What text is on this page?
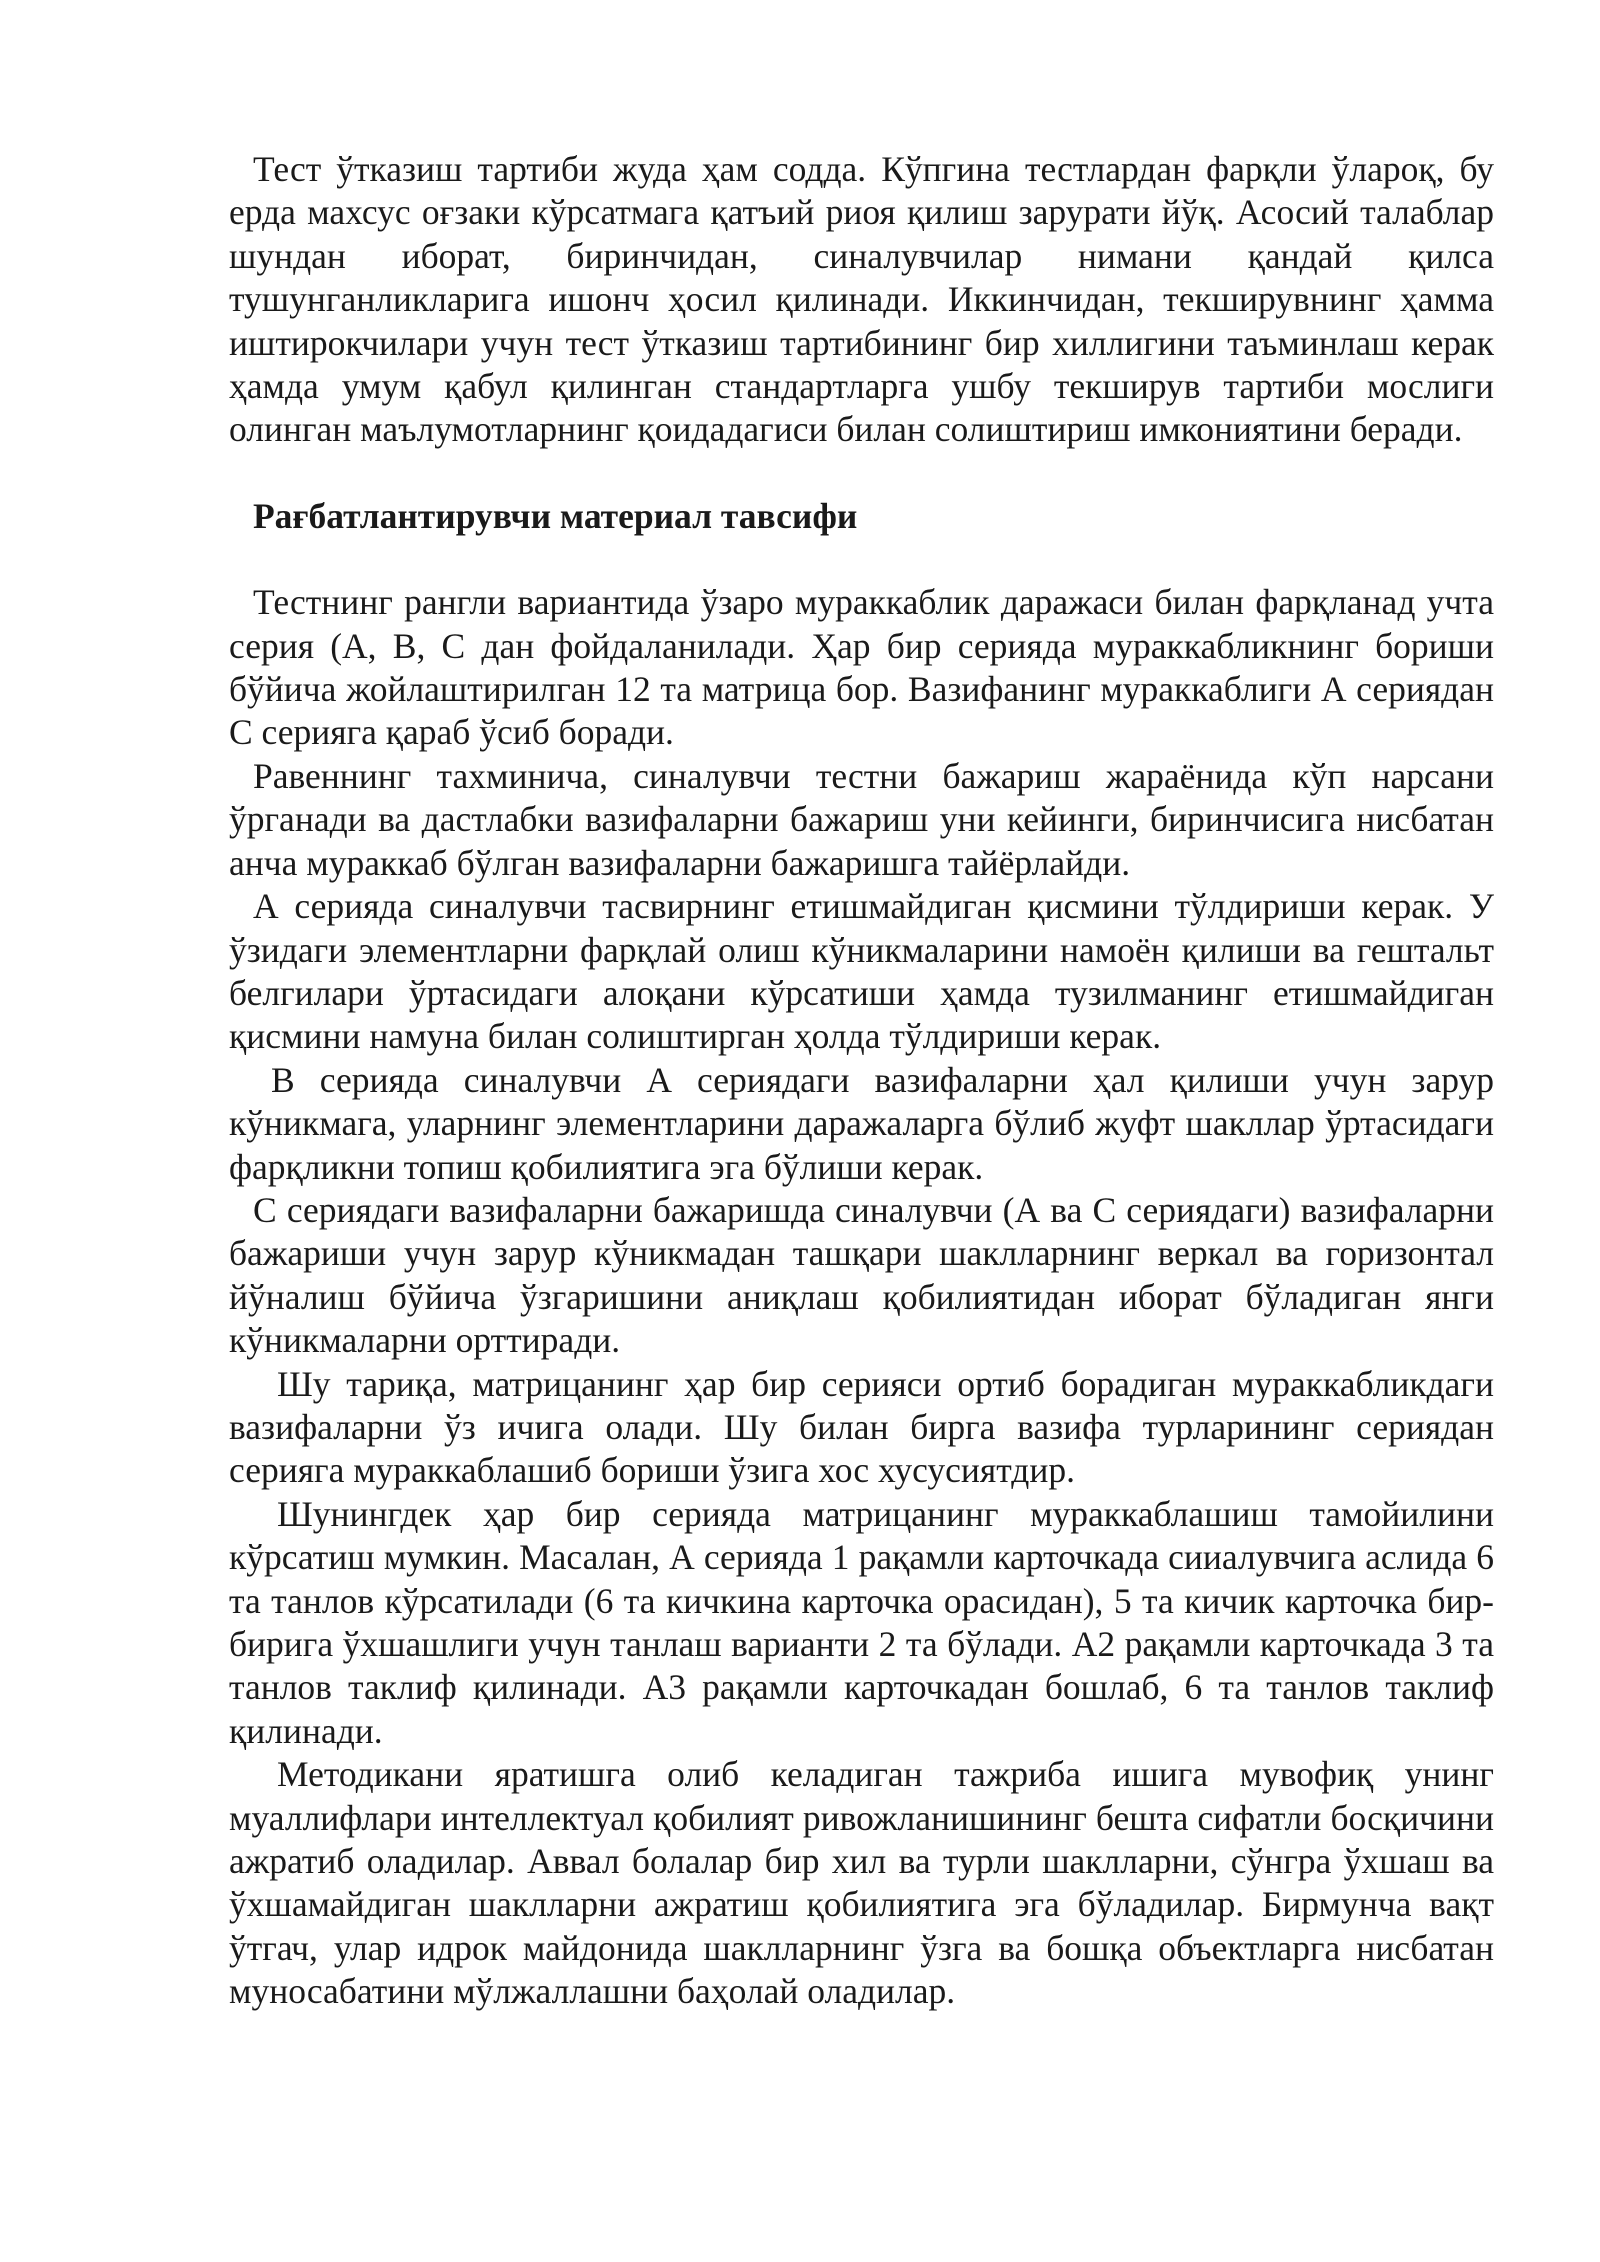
Тест ўтказиш тартиби жуда ҳам содда. Кўпгина тестлардан фарқли ўлароқ, бу ерда махсус оғзаки кўрсатмага қатъий риоя қилиш зарурати йўқ. Асосий талаблар шундан иборат, биринчидан, синалувчилар нимани қандай қилса тушунганликларига ишонч ҳосил қилинади. Иккинчидан, текширувнинг ҳамма иштирокчилари учун тест ўтказиш тартибининг бир хиллигини таъминлаш керак ҳамда умум қабул қилинган стандартларга ушбу текширув тартиби мослиги олинган маълумотларнинг қоидадагиси билан солиштириш имкониятини беради.

Рағбатлантирувчи материал тавсифи

Тестнинг рангли вариантида ўзаро мураккаблик даражаси билан фарқланад учта серия (А, В, С дан фойдаланилади. Ҳар бир серияда мураккабликнинг бориши бўйича жойлаштирилган 12 та матрица бор. Вазифанинг мураккаблиги А сериядан С серияга қараб ўсиб боради.

Равеннинг тахминича, синалувчи тестни бажариш жараёнида кўп нарсани ўрганади ва дастлабки вазифаларни бажариш уни кейинги, биринчисига нисбатан анча мураккаб бўлган вазифаларни бажаришга тайёрлайди.

А серияда синалувчи тасвирнинг етишмайдиган қисмини тўлдириши керак. У ўзидаги элементларни фарқлай олиш кўникмаларини намоён қилиши ва гештальт белгилари ўртасидаги алоқани кўрсатиши ҳамда тузилманинг етишмайдиган қисмини намуна билан солиштирган ҳолда тўлдириши керак.

В серияда синалувчи А сериядаги вазифаларни ҳал қилиши учун зарур кўникмага, уларнинг элементларини даражаларга бўлиб жуфт шакллар ўртасидаги фарқликни топиш қобилиятига эга бўлиши керак.

С сериядаги вазифаларни бажаришда синалувчи (А ва С сериядаги) вазифаларни бажариши учун зарур кўникмадан ташқари шаклларнинг веркал ва горизонтал йўналиш бўйича ўзгаришини аниқлаш қобилиятидан иборат бўладиган янги кўникмаларни орттиради.

Шу тариқа, матрицанинг ҳар бир серияси ортиб борадиган мураккабликдаги вазифаларни ўз ичига олади. Шу билан бирга вазифа турларининг сериядан серияга мураккаблашиб бориши ўзига хос хусусиятдир.

Шунингдек ҳар бир серияда матрицанинг мураккаблашиш тамойилини кўрсатиш мумкин. Масалан, А серияда 1 рақамли карточкада сииалувчига аслида 6 та танлов кўрсатилади (6 та кичкина карточка орасидан), 5 та кичик карточка бир-бирига ўхшашлиги учун танлаш варианти 2 та бўлади. А2 рақамли карточкада 3 та танлов таклиф қилинади. А3 рақамли карточкадан бошлаб, 6 та танлов таклиф қилинади.

Методикани яратишга олиб келадиган тажриба ишига мувофиқ унинг муаллифлари интеллектуал қобилият ривожланишининг бешта сифатли босқичини ажратиб оладилар. Аввал болалар бир хил ва турли шаклларни, сўнгра ўхшаш ва ўхшамайдиган шаклларни ажратиш қобилиятига эга бўладилар. Бирмунча вақт ўтгач, улар идрок майдонида шаклларнинг ўзга ва бошқа объектларга нисбатан муносабатини мўлжаллашни баҳолай оладилар.
